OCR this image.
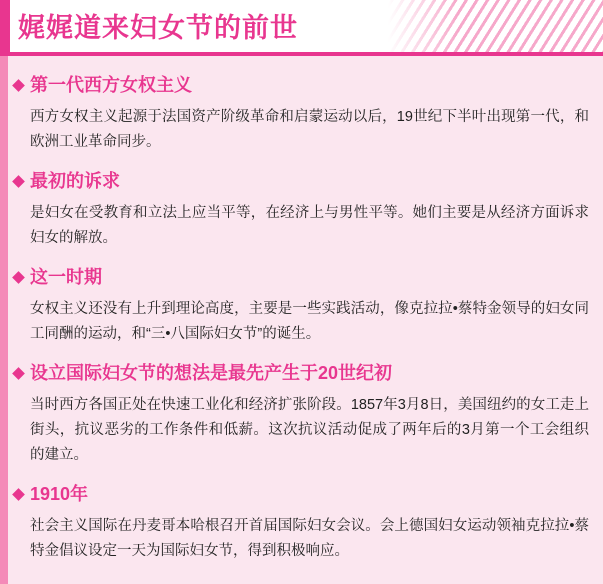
娓娓道来妇女节的前世
第一代西方女权主义

西方女权主义起源于法国资产阶级革命和启蒙运动以后，19世纪下半叶出现第一代，和欧洲工业革命同步。

最初的诉求

是妇女在受教育和立法上应当平等，在经济上与男性平等。她们主要是从经济方面诉求妇女的解放。

这一时期

女权主义还没有上升到理论高度，主要是一些实践活动，像克拉拉•蔡特金领导的妇女同工同酬的运动，和“三•八国际妇女节”的诞生。

设立国际妇女节的想法是最先产生于20世纪初

当时西方各国正处在快速工业化和经济扩张阶段。1857年3月8日，美国纽约的女工走上街头，抗议恶劣的工作条件和低薪。这次抗议活动促成了两年后的3月第一个工会组织的建立。

1910年

社会主义国际在丹麦哥本哈根召开首届国际妇女会议。会上德国妇女运动领袖克拉拉•蔡特金倡议设定一天为国际妇女节，得到积极响应。
